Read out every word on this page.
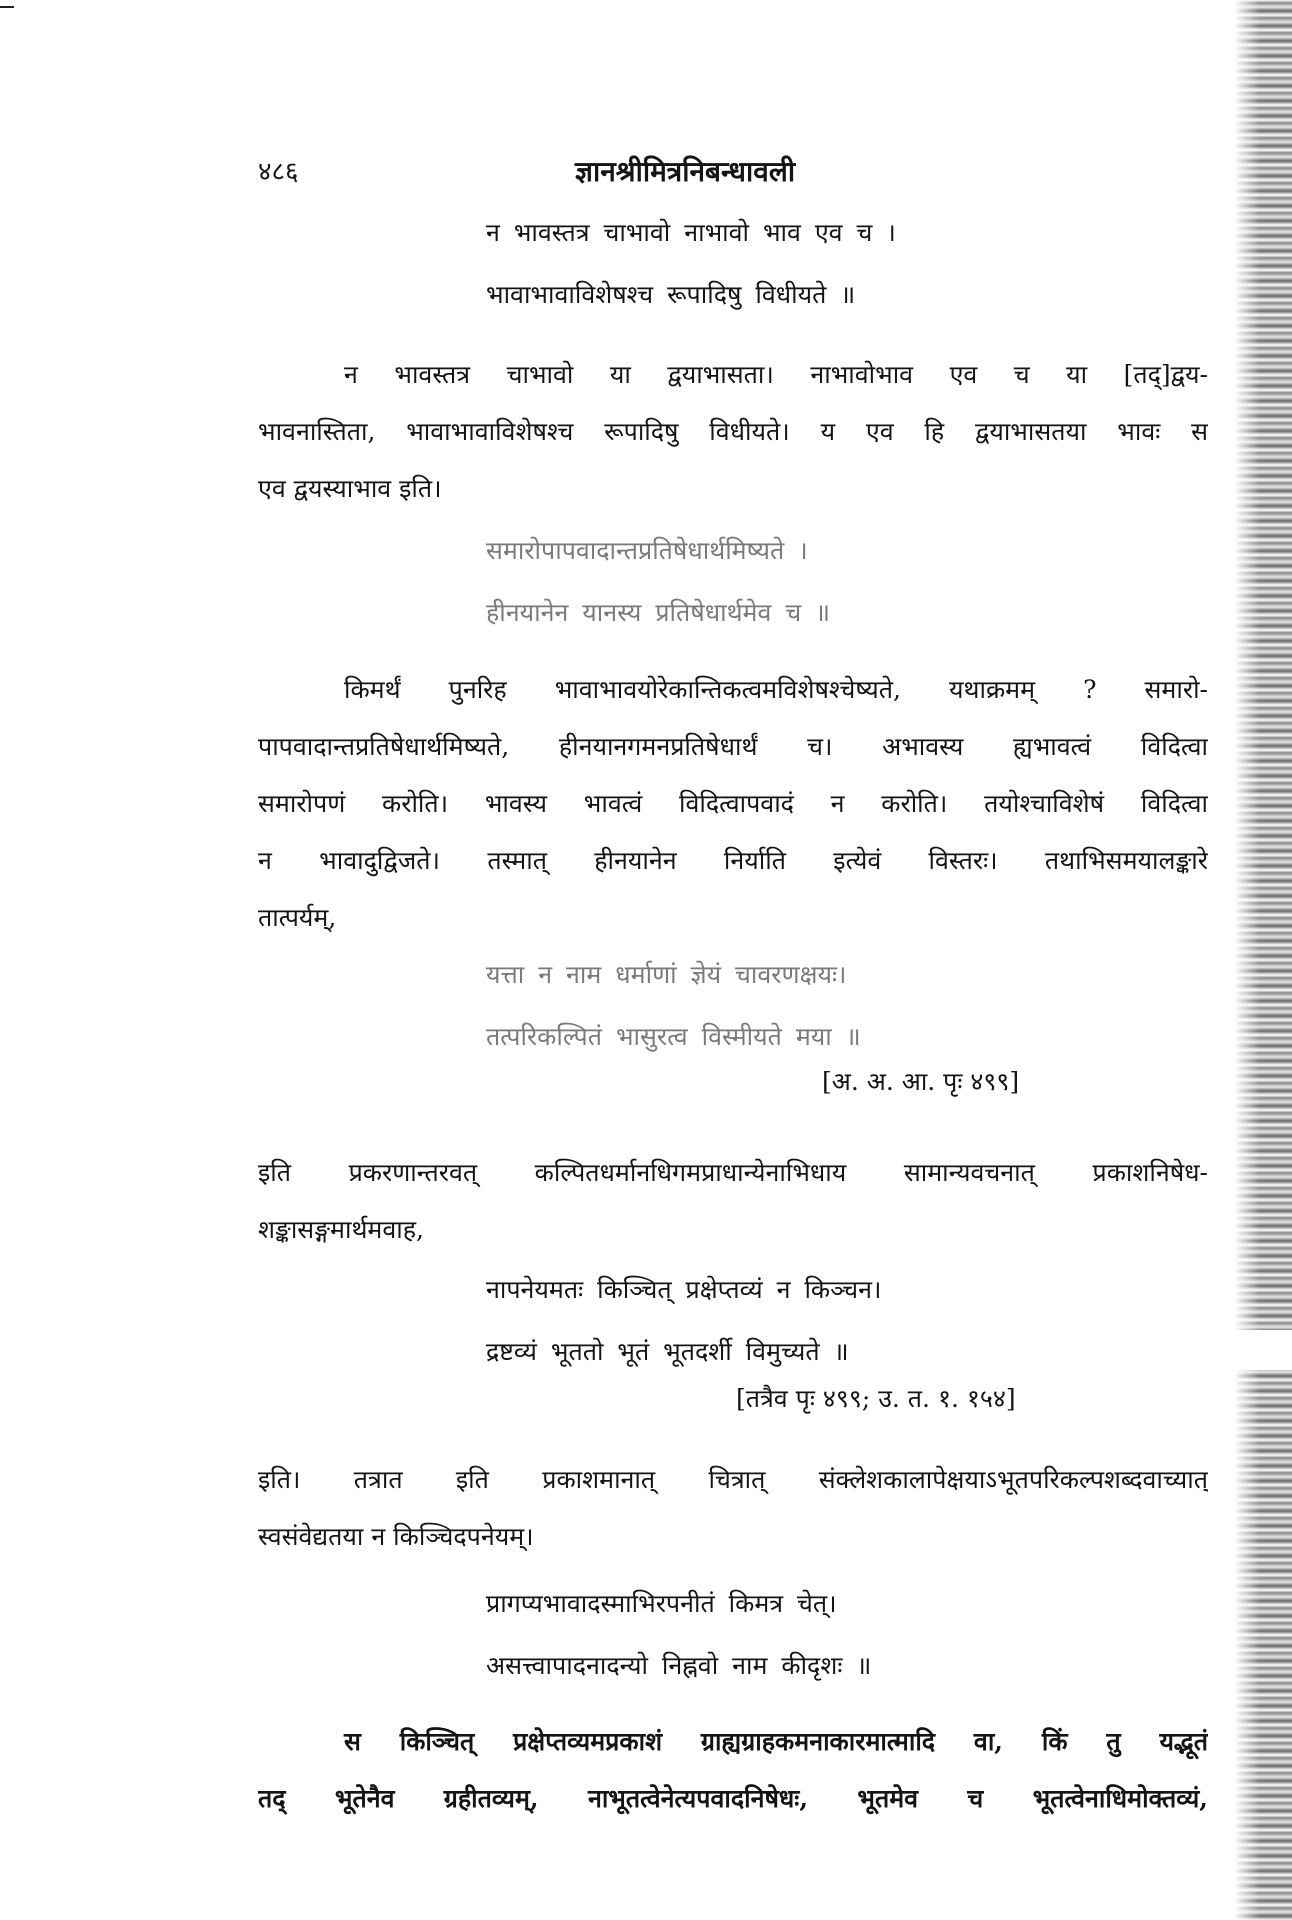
४८६	ज्ञानश्रीमित्रनिबन्धावली
न भावस्तत्र चाभावो नाभावो भाव एव च ।
भावाभावाविशेषश्च रूपादिषु विधीयते ॥
न भावस्तत्र चाभावो या द्वयाभासता। नाभावोभाव एव च या [तद्]द्वय-
भावनास्तिता, भावाभावाविशेषश्च रूपादिषु विधीयते। य एव हि द्वयाभासतया भावः स
एव द्वयस्याभाव इति।
समारोपापवादान्तप्रतिषेधार्थमिष्यते ।
हीनयानेन यानस्य प्रतिषेधार्थमेव च ॥
किमर्थं पुनरिह भावाभावयोरेकान्तिकत्वमविशेषश्चेष्यते, यथाक्रमम् ? समारो-
पापवादान्तप्रतिषेधार्थमिष्यते, हीनयानगमनप्रतिषेधार्थं च। अभावस्य ह्यभावत्वं विदित्वा
समारोपणं करोति। भावस्य भावत्वं विदित्वापवादं न करोति। तयोश्चाविशेषं विदित्वा
न भावादुद्विजते। तस्मात् हीनयानेन निर्याति इत्येवं विस्तरः। तथाभिसमयालङ्कारे
तात्पर्यम्,
यत्ता न नाम धर्माणां ज्ञेयं चावरणक्षयः।
तत्परिकल्पितं भासुरत्व विस्मीयते मया ॥
[अ. अ. आ. पृः ४९९]
इति प्रकरणान्तरवत् कल्पितधर्मानधिगमप्राधान्येनाभिधाय सामान्यवचनात् प्रकाशनिषेध-
शङ्कासङ्गमार्थमवाह,
नापनेयमतः किञ्चित् प्रक्षेप्तव्यं न किञ्चन।
द्रष्टव्यं भूततो भूतं भूतदर्शी विमुच्यते ॥
[तत्रैव पृः ४९९; उ. त. १. १५४]
इति। तत्रात इति प्रकाशमानात् चित्रात् संक्लेशकालापेक्षयाऽभूतपरिकल्पशब्दवाच्यात्
स्वसंवेद्यतया न किञ्चिदपनेयम्।
प्रागप्यभावादस्माभिरपनीतं किमत्र चेत्।
असत्त्वापादनादन्यो निह्नवो नाम कीदृशः ॥
स किञ्चित् प्रक्षेप्तव्यमप्रकाशं ग्राह्यग्राहकमनाकारमात्मादि वा, किं तु यद्भूतं
तद् भूतेनैव ग्रहीतव्यम्, नाभूतत्वेनेत्यपवादनिषेधः, भूतमेव च भूतत्वेनाधिमोक्तव्यं,
